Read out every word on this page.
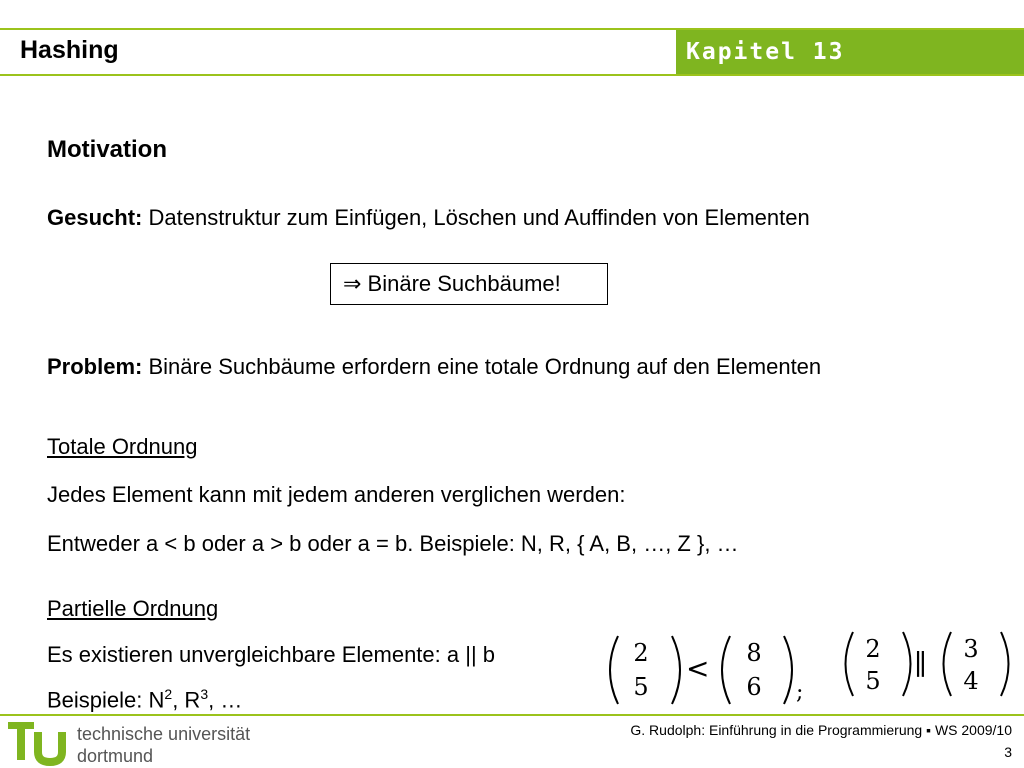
Hashing	Kapitel 13
Motivation
Gesucht: Datenstruktur zum Einfügen, Löschen und Auffinden von Elementen
⇒ Binäre Suchbäume!
Problem: Binäre Suchbäume erfordern eine totale Ordnung auf den Elementen
Totale Ordnung
Jedes Element kann mit jedem anderen verglichen werden:
Entweder a < b oder a > b oder a = b. Beispiele: N, R, { A, B, …, Z }, …
Partielle Ordnung
Es existieren unvergleichbare Elemente: a || b
Beispiele: $N^2$, $R^3$, …
2
5
<	8
6	;
2
5 ∥	3
4
technische universität
dortmund
G. Rudolph: Einführung in die Programmierung ▪ WS 2009/10
3
